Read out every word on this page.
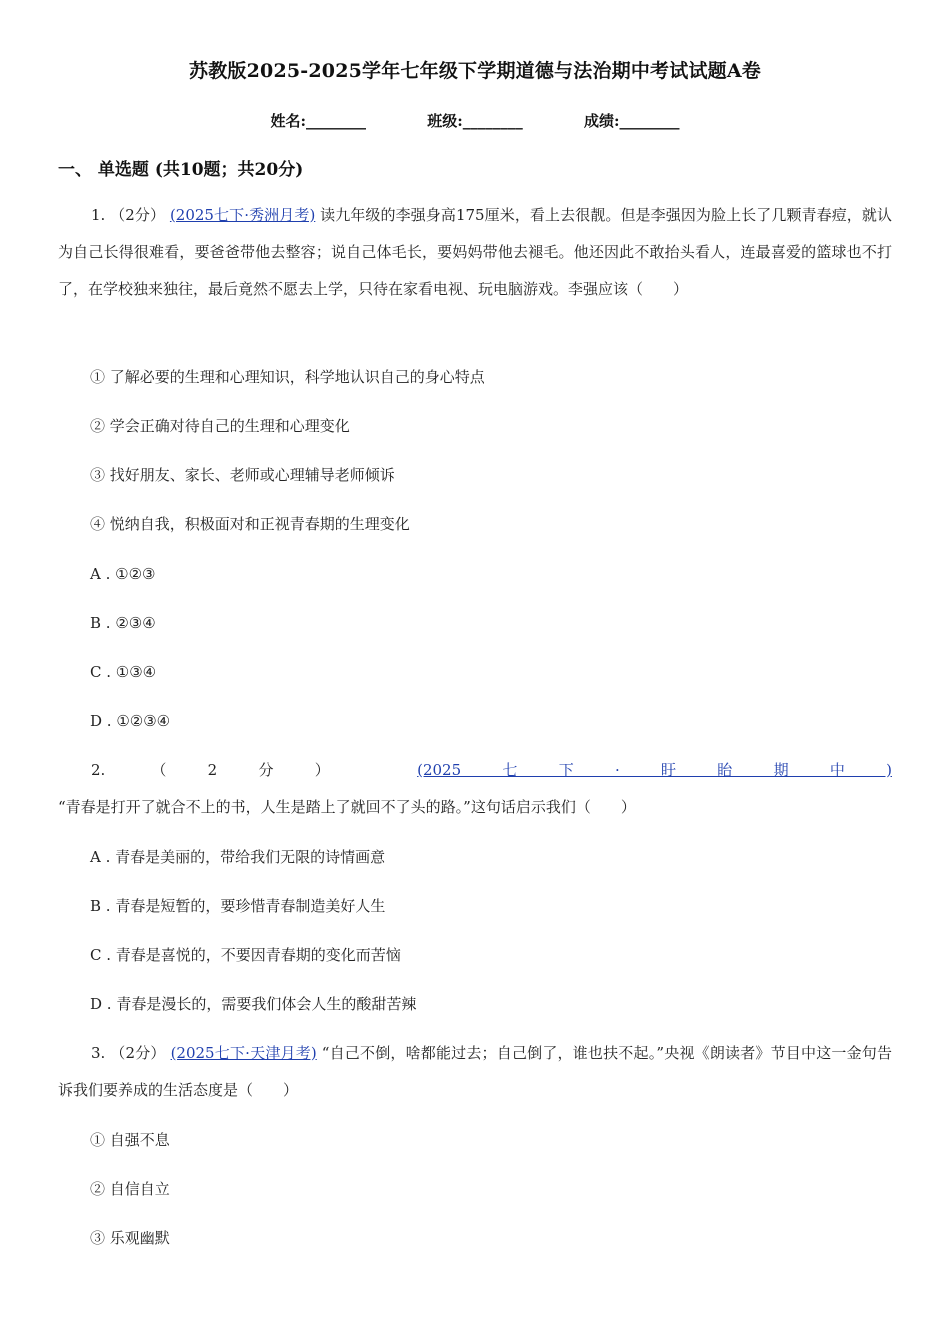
苏教版2025-2025学年七年级下学期道德与法治期中考试试题A卷
姓名:________	班级:________	成绩:________
一、 单选题 (共10题；共20分)
1. （2分） (2025七下·秀洲月考) 读九年级的李强身高175厘米，看上去很靓。但是李强因为脸上长了几颗青春痘，就认为自己长得很难看，要爸爸带他去整容；说自己体毛长，要妈妈带他去褪毛。他还因此不敢抬头看人，连最喜爱的篮球也不打了，在学校独来独往，最后竟然不愿去上学，只待在家看电视、玩电脑游戏。李强应该（　　）
① 了解必要的生理和心理知识，科学地认识自己的身心特点
② 学会正确对待自己的生理和心理变化
③ 找好朋友、家长、老师或心理辅导老师倾诉
④ 悦纳自我，积极面对和正视青春期的生理变化
A . ①②③
B . ②③④
C . ①③④
D . ①②③④
2.	（2分）	(2025七下·盱眙期中) “青春是打开了就合不上的书，人生是踏上了就回不了头的路。”这句话启示我们（　　）
A . 青春是美丽的，带给我们无限的诗情画意
B . 青春是短暂的，要珍惜青春制造美好人生
C . 青春是喜悦的，不要因青春期的变化而苦恼
D . 青春是漫长的，需要我们体会人生的酸甜苦辣
3. （2分） (2025七下·天津月考) “自己不倒，啥都能过去；自己倒了，谁也扶不起。”央视《朗读者》节目中这一金句告诉我们要养成的生活态度是（　　）
① 自强不息
② 自信自立
③ 乐观幽默
